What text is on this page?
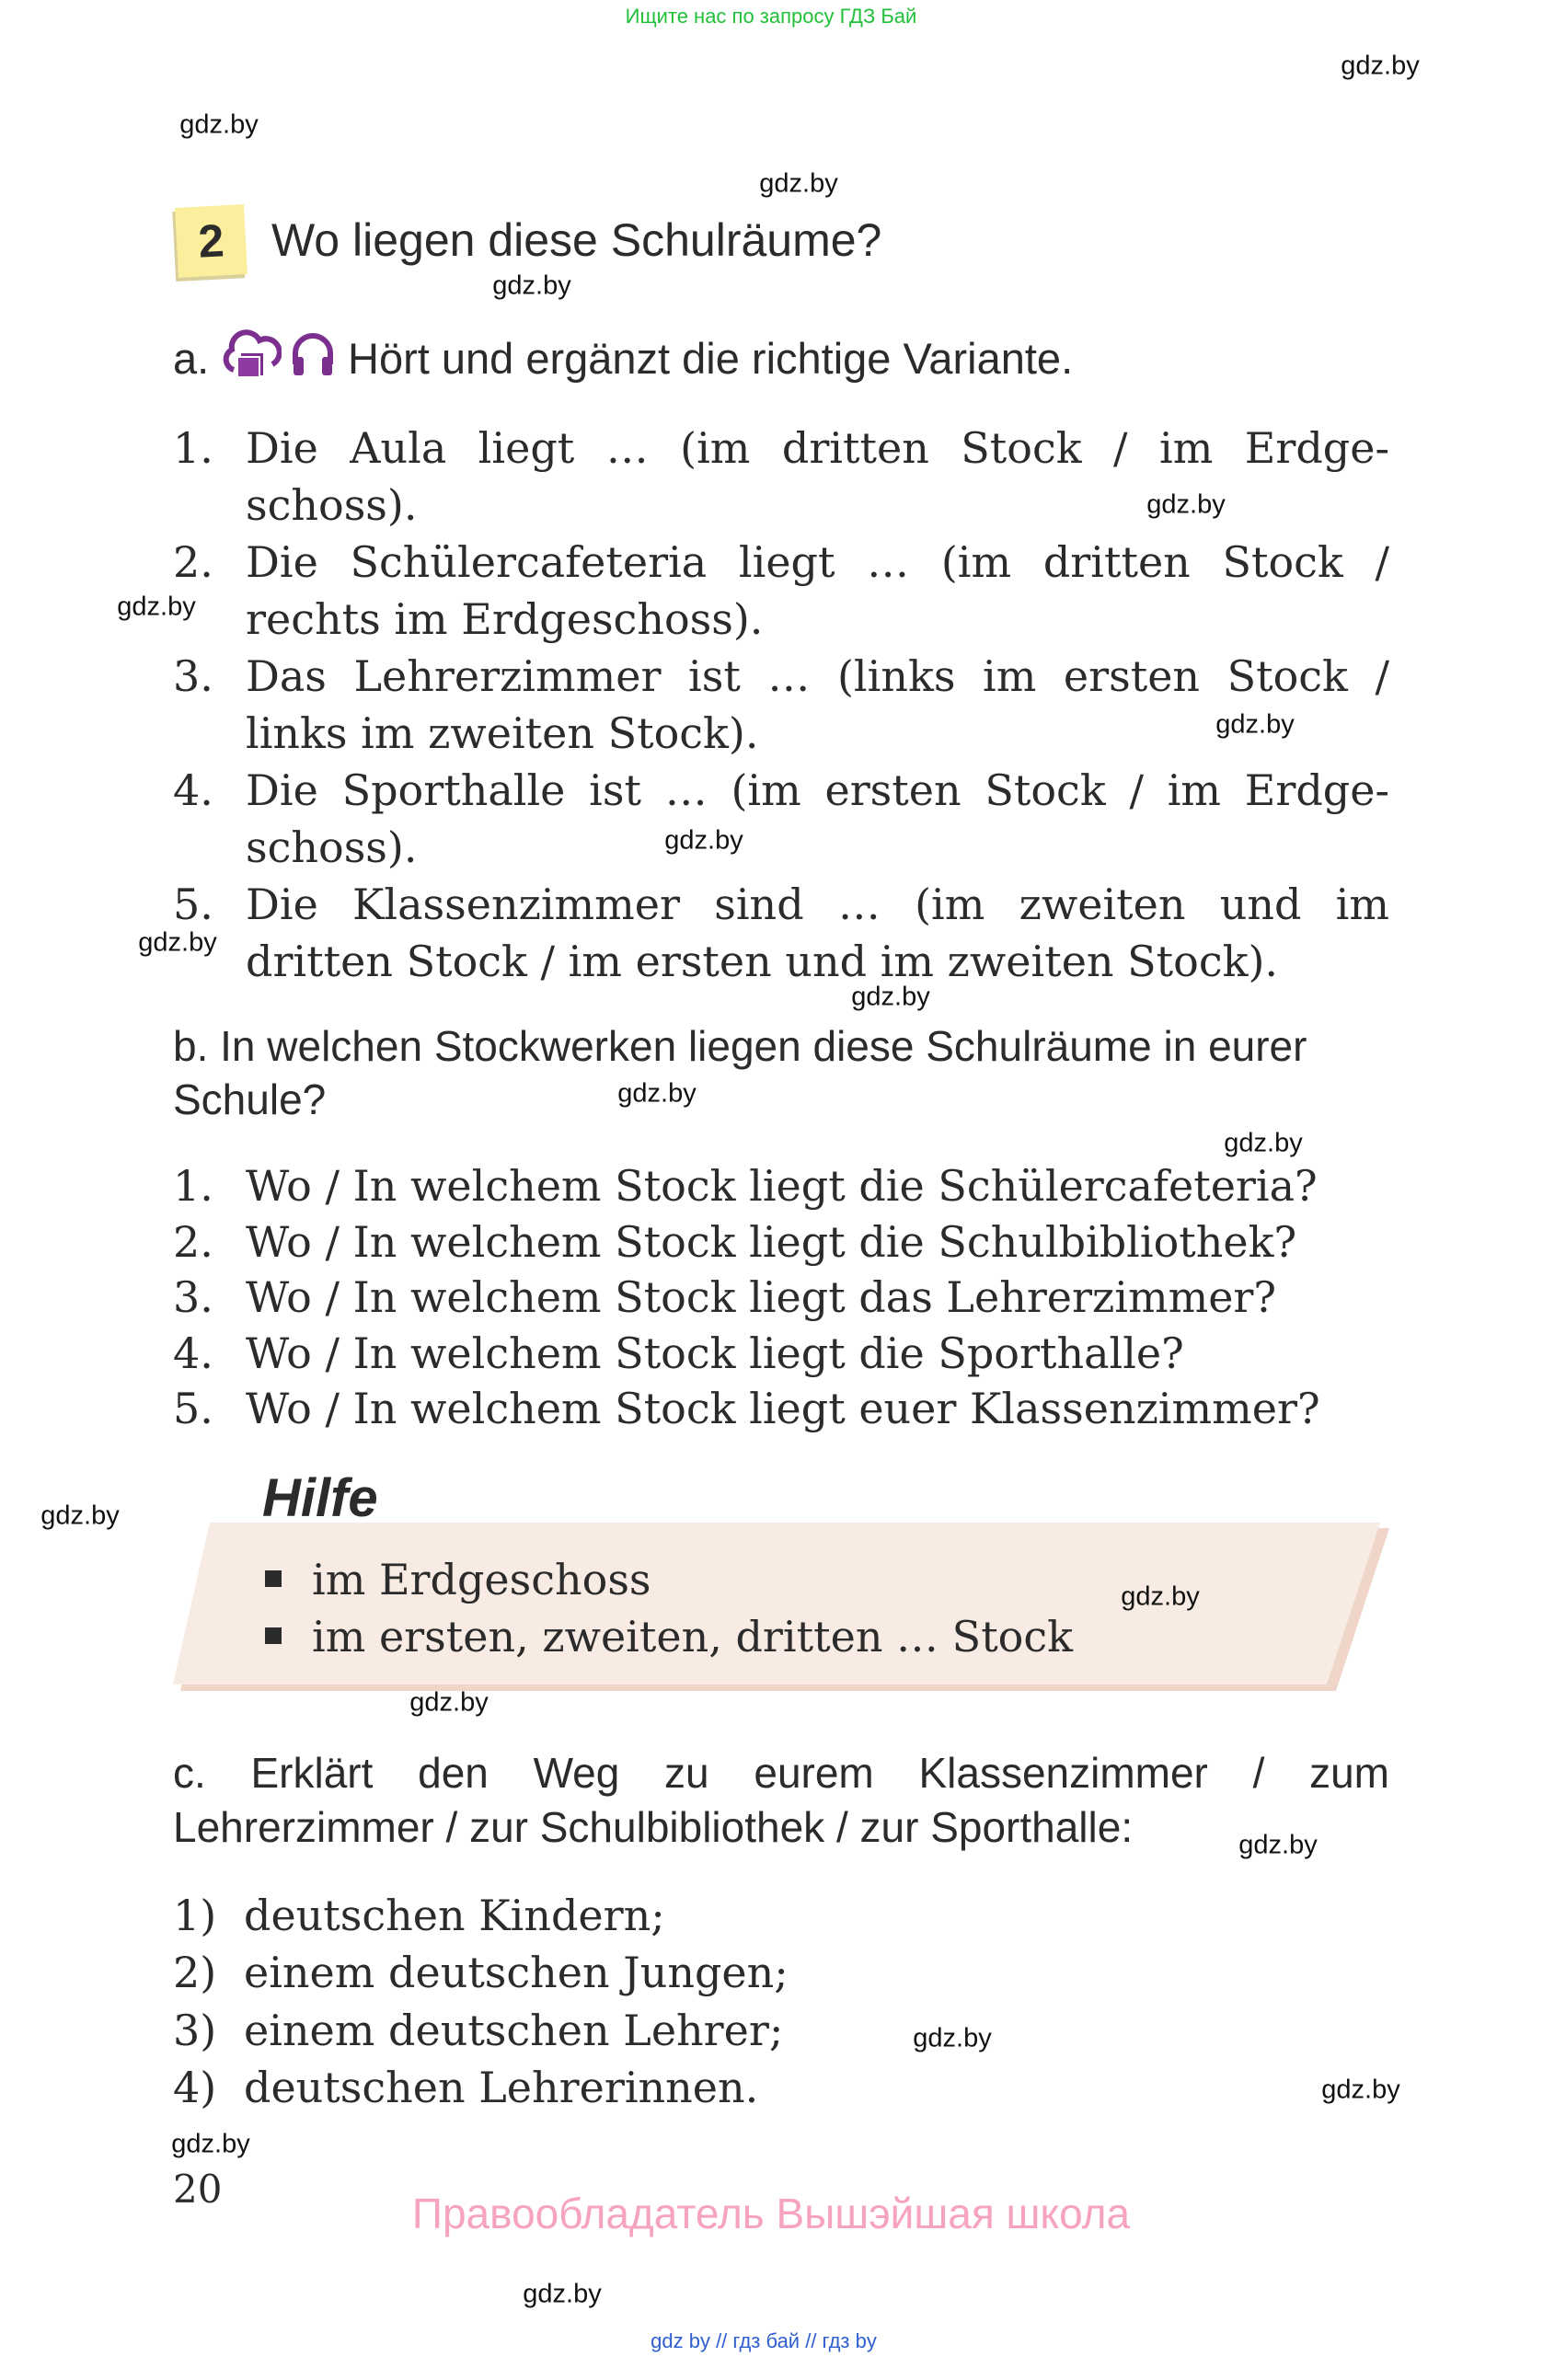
Ищите нас по запросу ГДЗ Бай
2	Wo liegen diese Schulräume?
a.	Hört und ergänzt die richtige Variante.
1. Die Aula liegt … (im dritten Stock / im Erdge-
schoss).
2. Die Schülercafeteria liegt … (im dritten Stock /
rechts im Erdgeschoss).
3. Das Lehrerzimmer ist … (links im ersten Stock /
links im zweiten Stock).
4. Die Sporthalle ist … (im ersten Stock / im Erdge-
schoss).
5. Die Klassenzimmer sind … (im zweiten und im
dritten Stock / im ersten und im zweiten Stock).
b. In welchen Stockwerken liegen diese Schulräume in eurer
Schule?
1. Wo / In welchem Stock liegt die Schülercafeteria?
2. Wo / In welchem Stock liegt die Schulbibliothek?
3. Wo / In welchem Stock liegt das Lehrerzimmer?
4. Wo / In welchem Stock liegt die Sporthalle?
5. Wo / In welchem Stock liegt euer Klassenzimmer?
Hilfe
im Erdgeschoss
im ersten, zweiten, dritten … Stock
c. Erklärt den Weg zu eurem Klassenzimmer / zum
Lehrerzimmer / zur Schulbibliothek / zur Sporthalle:
1) deutschen Kindern;
2) einem deutschen Jungen;
3) einem deutschen Lehrer;
4) deutschen Lehrerinnen.
20
Правообладатель Вышэйшая школа
gdz by // гдз бай // гдз by
gdz.by
gdz.by
gdz.by
gdz.by
gdz.by
gdz.by
gdz.by
gdz.by
gdz.by
gdz.by
gdz.by
gdz.by
gdz.by
gdz.by
gdz.by
gdz.by
gdz.by
gdz.by
gdz.by
gdz.by
